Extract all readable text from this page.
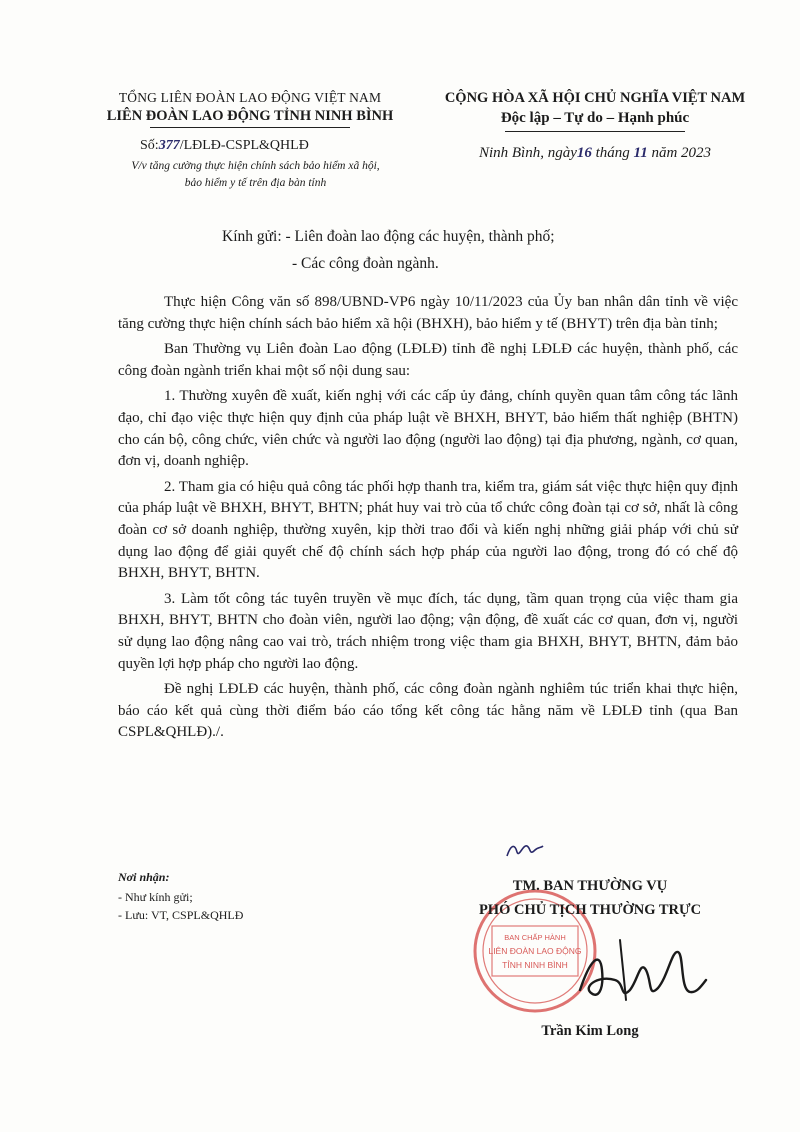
TỔNG LIÊN ĐOÀN LAO ĐỘNG VIỆT NAM
LIÊN ĐOÀN LAO ĐỘNG TỈNH NINH BÌNH
Số:377/LĐLĐ-CSPL&QHLĐ
V/v tăng cường thực hiện chính sách bảo hiểm xã hội,
bảo hiểm y tế trên địa bàn tỉnh
CỘNG HÒA XÃ HỘI CHỦ NGHĨA VIỆT NAM
Độc lập – Tự do – Hạnh phúc
Ninh Bình, ngày16 tháng 11 năm 2023
Kính gửi: - Liên đoàn lao động các huyện, thành phố;
- Các công đoàn ngành.

Thực hiện Công văn số 898/UBND-VP6 ngày 10/11/2023 của Ủy ban nhân dân tỉnh về việc tăng cường thực hiện chính sách bảo hiểm xã hội (BHXH), bảo hiểm y tế (BHYT) trên địa bàn tỉnh;

Ban Thường vụ Liên đoàn Lao động (LĐLĐ) tỉnh đề nghị LĐLĐ các huyện, thành phố, các công đoàn ngành triển khai một số nội dung sau:

1. Thường xuyên đề xuất, kiến nghị với các cấp ủy đảng, chính quyền quan tâm công tác lãnh đạo, chỉ đạo việc thực hiện quy định của pháp luật về BHXH, BHYT, bảo hiểm thất nghiệp (BHTN) cho cán bộ, công chức, viên chức và người lao động (người lao động) tại địa phương, ngành, cơ quan, đơn vị, doanh nghiệp.

2. Tham gia có hiệu quả công tác phối hợp thanh tra, kiểm tra, giám sát việc thực hiện quy định của pháp luật về BHXH, BHYT, BHTN; phát huy vai trò của tổ chức công đoàn tại cơ sở, nhất là công đoàn cơ sở doanh nghiệp, thường xuyên, kịp thời trao đổi và kiến nghị những giải pháp với chủ sử dụng lao động để giải quyết chế độ chính sách hợp pháp của người lao động, trong đó có chế độ BHXH, BHYT, BHTN.

3. Làm tốt công tác tuyên truyền về mục đích, tác dụng, tầm quan trọng của việc tham gia BHXH, BHYT, BHTN cho đoàn viên, người lao động; vận động, đề xuất các cơ quan, đơn vị, người sử dụng lao động nâng cao vai trò, trách nhiệm trong việc tham gia BHXH, BHYT, BHTN, đảm bảo quyền lợi hợp pháp cho người lao động.

Đề nghị LĐLĐ các huyện, thành phố, các công đoàn ngành nghiêm túc triển khai thực hiện, báo cáo kết quả cùng thời điểm báo cáo tổng kết công tác hằng năm về LĐLĐ tỉnh (qua Ban CSPL&QHLĐ)./.

Nơi nhận:
- Như kính gửi;
- Lưu: VT, CSPL&QHLĐ
BAN CHẤP HÀNH
LIÊN ĐOÀN LAO ĐỘNG
TỈNH NINH BÌNH
TM. BAN THƯỜNG VỤ
PHÓ CHỦ TỊCH THƯỜNG TRỰC
Trần Kim Long
